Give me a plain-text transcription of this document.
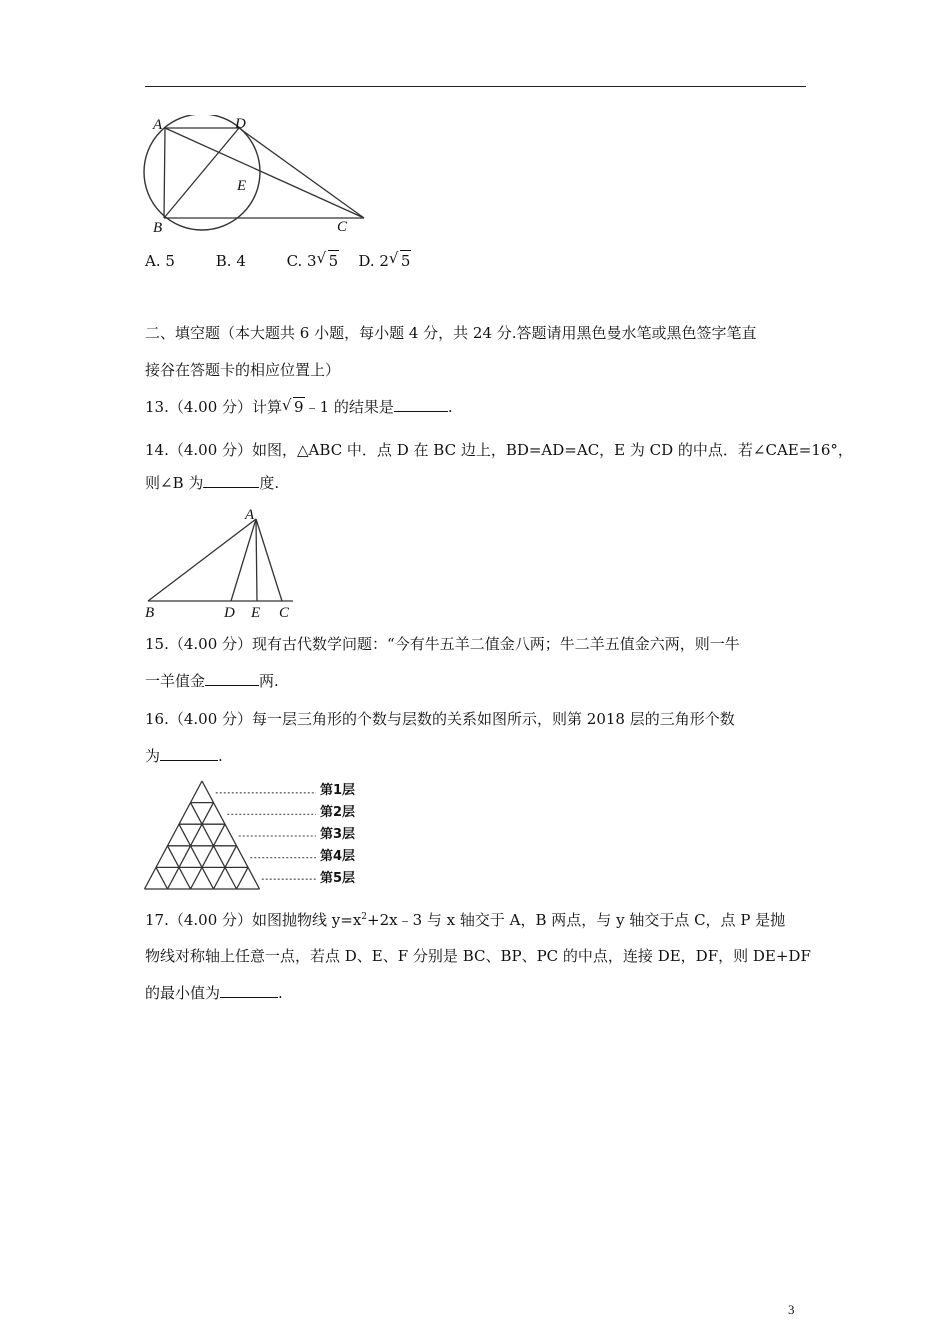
A	D
E
B	C
A. 5	B. 4	C. 3 √ 5 D. 2 √ 5
二、填空题（本大题共 6 小题，每小题 4 分，共 24 分.答题请用黑色曼水笔或黑色签字笔直
接谷在答题卡的相应位置上）
13.（4.00 分）计算 √ 9﹣1 的结果是	.
14.（4.00 分）如图，△ABC 中．点 D 在 BC 边上，BD=AD=AC，E 为 CD 的中点．若∠CAE=16°，
则∠B 为	度.
A
B	D E C
15.（4.00 分）现有古代数学问题：“今有牛五羊二值金八两；牛二羊五值金六两，则一牛
一羊值金	两.
16.（4.00 分）每一层三角形的个数与层数的关系如图所示，则第 2018 层的三角形个数
为	.
第1层
第2层
第3层
第4层
第5层
17.（4.00 分）如图抛物线 $y=x^2+2x﹣3$ 与 x 轴交于 A，B 两点，与 y 轴交于点 C，点 P 是抛
物线对称轴上任意一点，若点 D、E、F 分别是 BC、BP、PC 的中点，连接 DE，DF，则 DE+DF
的最小值为	.
3
